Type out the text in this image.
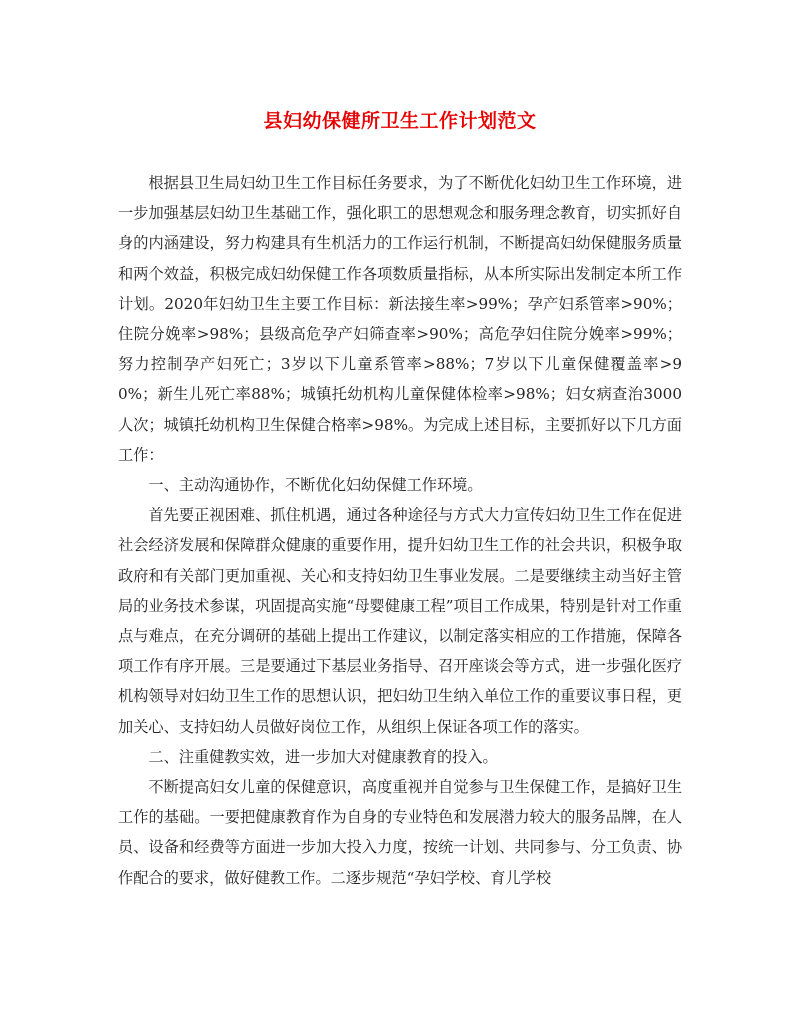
县妇幼保健所卫生工作计划范文

根据县卫生局妇幼卫生工作目标任务要求，为了不断优化妇幼卫生工作环境，进一步加强基层妇幼卫生基础工作，强化职工的思想观念和服务理念教育，切实抓好自身的内涵建设，努力构建具有生机活力的工作运行机制，不断提高妇幼保健服务质量和两个效益，积极完成妇幼保健工作各项数质量指标，从本所实际出发制定本所工作计划。2020年妇幼卫生主要工作目标：新法接生率>99%；孕产妇系管率>90%；住院分娩率>98%；县级高危孕产妇筛查率>90%；高危孕妇住院分娩率>99%；努力控制孕产妇死亡；3岁以下儿童系管率>88%；7岁以下儿童保健覆盖率>90%；新生儿死亡率88%；城镇托幼机构儿童保健体检率>98%；妇女病查治3000人次；城镇托幼机构卫生保健合格率>98%。为完成上述目标，主要抓好以下几方面工作：

一、主动沟通协作，不断优化妇幼保健工作环境。

首先要正视困难、抓住机遇，通过各种途径与方式大力宣传妇幼卫生工作在促进社会经济发展和保障群众健康的重要作用，提升妇幼卫生工作的社会共识，积极争取政府和有关部门更加重视、关心和支持妇幼卫生事业发展。二是要继续主动当好主管局的业务技术参谋，巩固提高实施“母婴健康工程”项目工作成果，特别是针对工作重点与难点，在充分调研的基础上提出工作建议，以制定落实相应的工作措施，保障各项工作有序开展。三是要通过下基层业务指导、召开座谈会等方式，进一步强化医疗机构领导对妇幼卫生工作的思想认识，把妇幼卫生纳入单位工作的重要议事日程，更加关心、支持妇幼人员做好岗位工作，从组织上保证各项工作的落实。

二、注重健教实效，进一步加大对健康教育的投入。

不断提高妇女儿童的保健意识，高度重视并自觉参与卫生保健工作，是搞好卫生工作的基础。一要把健康教育作为自身的专业特色和发展潜力较大的服务品牌，在人员、设备和经费等方面进一步加大投入力度，按统一计划、共同参与、分工负责、协作配合的要求，做好健教工作。二逐步规范“孕妇学校、育儿学校
